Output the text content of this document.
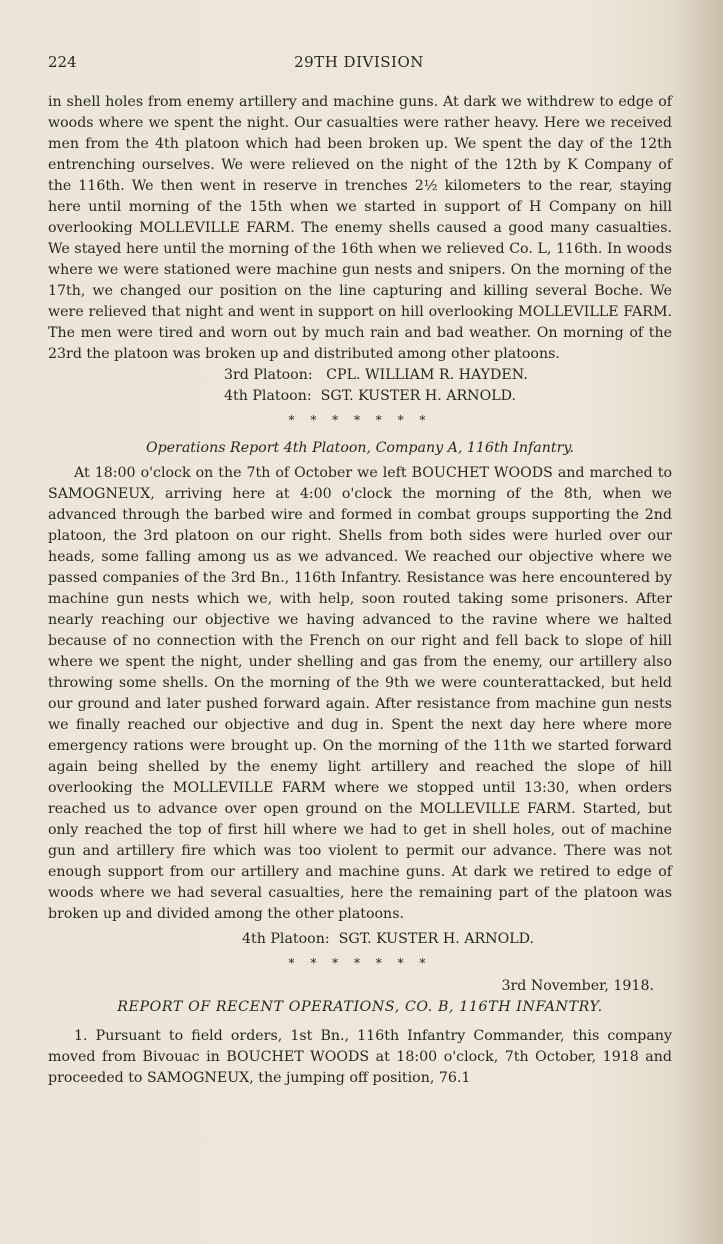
224	29TH DIVISION

in shell holes from enemy artillery and machine guns. At dark we withdrew to edge of woods where we spent the night. Our casualties were rather heavy. Here we received men from the 4th platoon which had been broken up. We spent the day of the 12th entrenching ourselves. We were relieved on the night of the 12th by K Company of the 116th. We then went in reserve in trenches 2½ kilometers to the rear, staying here until morning of the 15th when we started in support of H Company on hill overlooking MOLLEVILLE FARM. The enemy shells caused a good many casualties. We stayed here until the morning of the 16th when we relieved Co. L, 116th. In woods where we were stationed were machine gun nests and snipers. On the morning of the 17th, we changed our position on the line capturing and killing several Boche. We were relieved that night and went in support on hill overlooking MOLLEVILLE FARM. The men were tired and worn out by much rain and bad weather. On morning of the 23rd the platoon was broken up and distributed among other platoons.

3rd Platoon:   CPL. WILLIAM R. HAYDEN.

4th Platoon:  SGT. KUSTER H. ARNOLD.

* * * * * * *

Operations Report 4th Platoon, Company A, 116th Infantry.

At 18:00 o'clock on the 7th of October we left BOUCHET WOODS and marched to SAMOGNEUX, arriving here at 4:00 o'clock the morning of the 8th, when we advanced through the barbed wire and formed in combat groups supporting the 2nd platoon, the 3rd platoon on our right. Shells from both sides were hurled over our heads, some falling among us as we advanced. We reached our objective where we passed companies of the 3rd Bn., 116th Infantry. Resistance was here encountered by machine gun nests which we, with help, soon routed taking some prisoners. After nearly reaching our objective we having advanced to the ravine where we halted because of no connection with the French on our right and fell back to slope of hill where we spent the night, under shelling and gas from the enemy, our artillery also throwing some shells. On the morning of the 9th we were counterattacked, but held our ground and later pushed forward again. After resistance from machine gun nests we finally reached our objective and dug in. Spent the next day here where more emergency rations were brought up. On the morning of the 11th we started forward again being shelled by the enemy light artillery and reached the slope of hill overlooking the MOLLEVILLE FARM where we stopped until 13:30, when orders reached us to advance over open ground on the MOLLEVILLE FARM. Started, but only reached the top of first hill where we had to get in shell holes, out of machine gun and artillery fire which was too violent to permit our advance. There was not enough support from our artillery and machine guns. At dark we retired to edge of woods where we had several casualties, here the remaining part of the platoon was broken up and divided among the other platoons.

4th Platoon:  SGT. KUSTER H. ARNOLD.

* * * * * * *

3rd November, 1918.

REPORT OF RECENT OPERATIONS, CO. B, 116TH INFANTRY.

1. Pursuant to field orders, 1st Bn., 116th Infantry Commander, this company moved from Bivouac in BOUCHET WOODS at 18:00 o'clock, 7th October, 1918 and proceeded to SAMOGNEUX, the jumping off position, 76.1
